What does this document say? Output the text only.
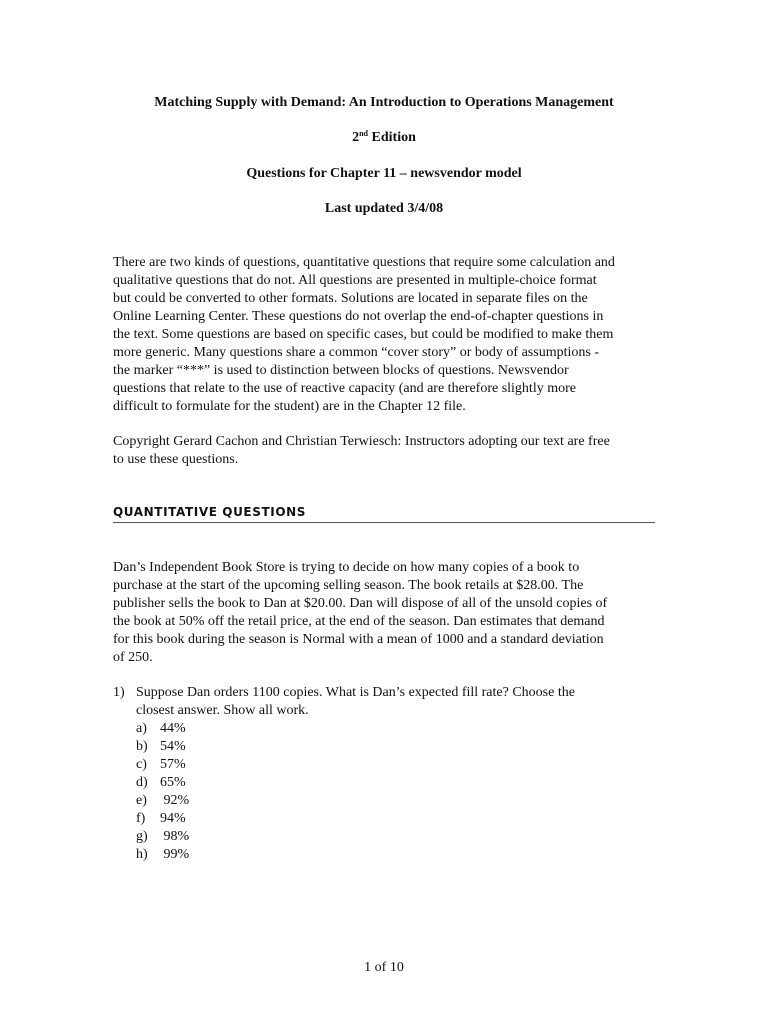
Matching Supply with Demand: An Introduction to Operations Management
2nd Edition
Questions for Chapter 11 – newsvendor model
Last updated 3/4/08
There are two kinds of questions, quantitative questions that require some calculation and
qualitative questions that do not. All questions are presented in multiple-choice format
but could be converted to other formats. Solutions are located in separate files on the
Online Learning Center. These questions do not overlap the end-of-chapter questions in
the text. Some questions are based on specific cases, but could be modified to make them
more generic. Many questions share a common “cover story” or body of assumptions -
the marker “***” is used to distinction between blocks of questions. Newsvendor
questions that relate to the use of reactive capacity (and are therefore slightly more
difficult to formulate for the student) are in the Chapter 12 file.
Copyright Gerard Cachon and Christian Terwiesch: Instructors adopting our text are free
to use these questions.
QUANTITATIVE QUESTIONS
Dan’s Independent Book Store is trying to decide on how many copies of a book to
purchase at the start of the upcoming selling season. The book retails at $28.00. The
publisher sells the book to Dan at $20.00. Dan will dispose of all of the unsold copies of
the book at 50% off the retail price, at the end of the season. Dan estimates that demand
for this book during the season is Normal with a mean of 1000 and a standard deviation
of 250.
1) Suppose Dan orders 1100 copies. What is Dan’s expected fill rate? Choose the
closest answer. Show all work.
a) 44%
b) 54%
c) 57%
d) 65%
e) 92%
f) 94%
g) 98%
h) 99%
1 of 10
